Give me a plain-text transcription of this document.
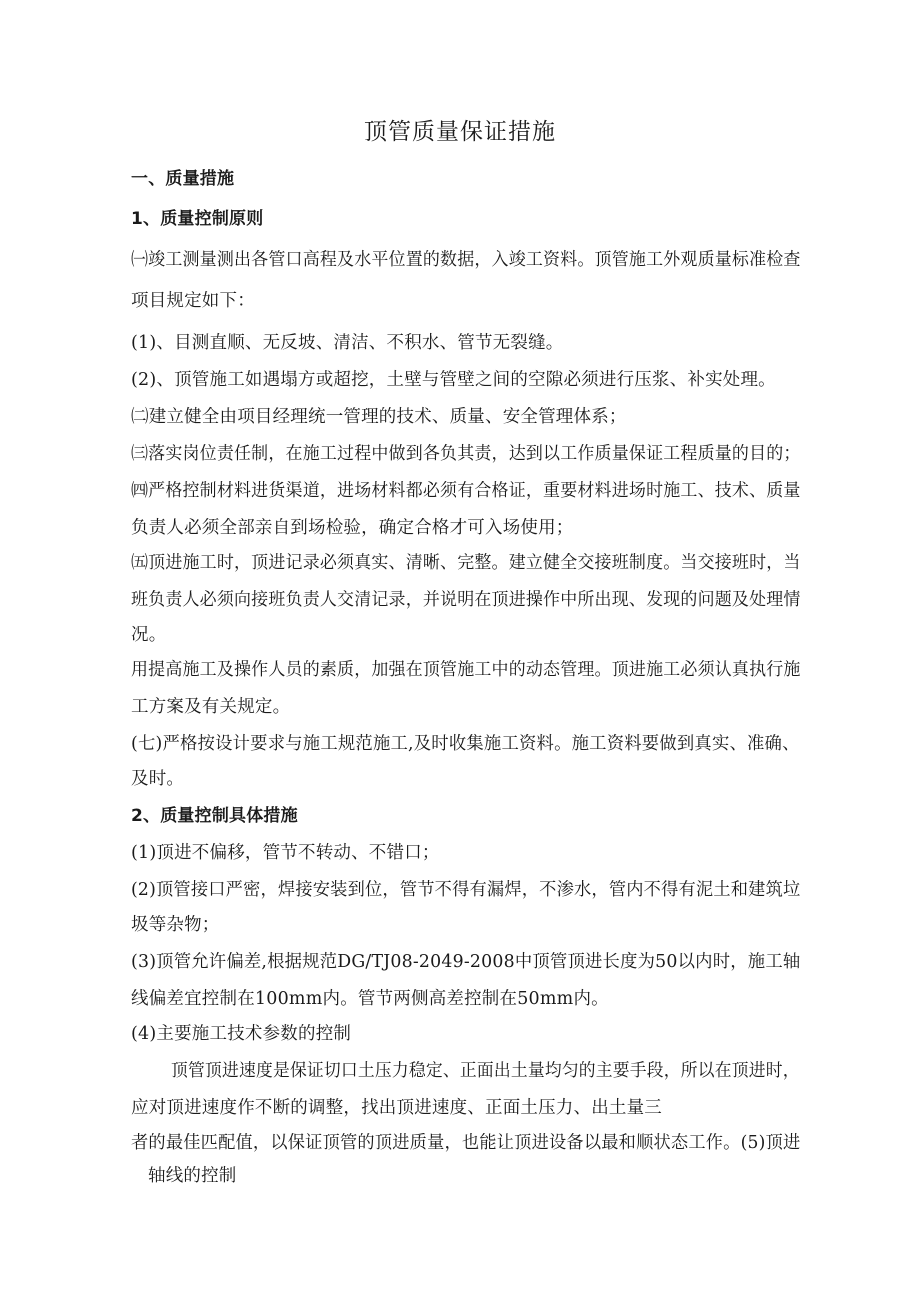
顶管质量保证措施
一、质量措施
1、质量控制原则
㈠竣工测量测出各管口高程及水平位置的数据，入竣工资料。顶管施工外观质量标准检查
项目规定如下：
(1)、目测直顺、无反坡、清洁、不积水、管节无裂缝。
(2)、顶管施工如遇塌方或超挖，土壁与管壁之间的空隙必须进行压浆、补实处理。
㈡建立健全由项目经理统一管理的技术、质量、安全管理体系；
㈢落实岗位责任制，在施工过程中做到各负其责，达到以工作质量保证工程质量的目的；
㈣严格控制材料进货渠道，进场材料都必须有合格证，重要材料进场时施工、技术、质量
负责人必须全部亲自到场检验，确定合格才可入场使用；
㈤顶进施工时，顶进记录必须真实、清晰、完整。建立健全交接班制度。当交接班时，当
班负责人必须向接班负责人交清记录，并说明在顶进操作中所出现、发现的问题及处理情
况。
用提高施工及操作人员的素质，加强在顶管施工中的动态管理。顶进施工必须认真执行施
工方案及有关规定。
(七)严格按设计要求与施工规范施工,及时收集施工资料。施工资料要做到真实、准确、
及时。
2、质量控制具体措施
(1)顶进不偏移，管节不转动、不错口；
(2)顶管接口严密，焊接安装到位，管节不得有漏焊，不渗水，管内不得有泥土和建筑垃
圾等杂物；
(3)顶管允许偏差,根据规范DG/TJ08-2049-2008中顶管顶进长度为50以内时，施工轴
线偏差宜控制在100mm内。管节两侧高差控制在50mm内。
(4)主要施工技术参数的控制
顶管顶进速度是保证切口土压力稳定、正面出土量均匀的主要手段，所以在顶进时，
应对顶进速度作不断的调整，找出顶进速度、正面土压力、出土量三
者的最佳匹配值，以保证顶管的顶进质量，也能让顶进设备以最和顺状态工作。(5)顶进
轴线的控制
